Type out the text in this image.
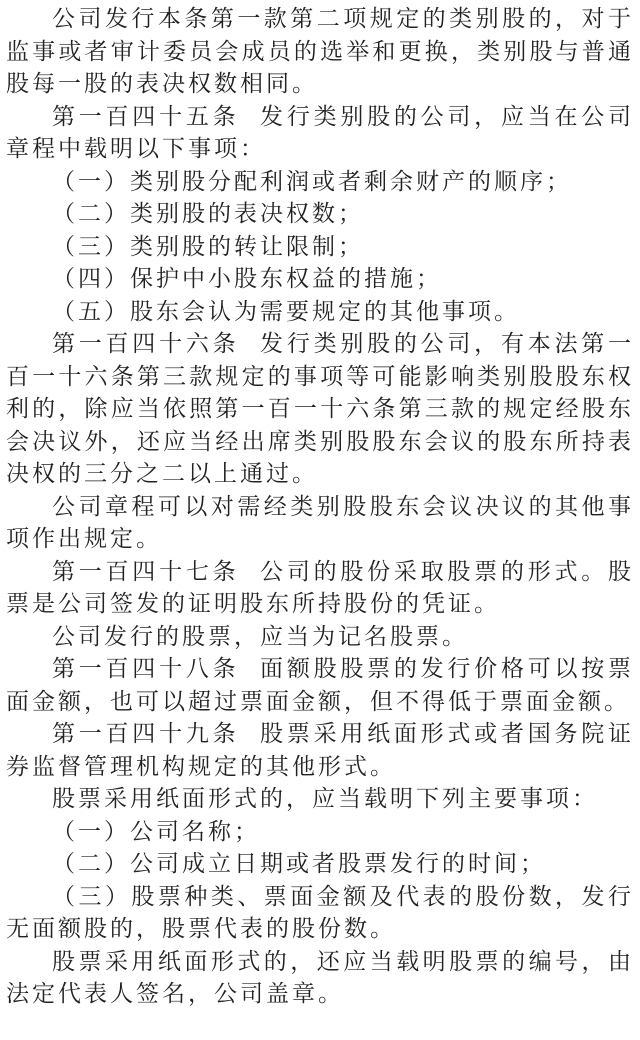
公司发行本条第一款第二项规定的类别股的，对于监事或者审计委员会成员的选举和更换，类别股与普通股每一股的表决权数相同。

第一百四十五条 发行类别股的公司，应当在公司章程中载明以下事项：

（一）类别股分配利润或者剩余财产的顺序；

（二）类别股的表决权数；

（三）类别股的转让限制；

（四）保护中小股东权益的措施；

（五）股东会认为需要规定的其他事项。

第一百四十六条 发行类别股的公司，有本法第一百一十六条第三款规定的事项等可能影响类别股股东权利的，除应当依照第一百一十六条第三款的规定经股东会决议外，还应当经出席类别股股东会议的股东所持表决权的三分之二以上通过。

公司章程可以对需经类别股股东会议决议的其他事项作出规定。

第一百四十七条 公司的股份采取股票的形式。股票是公司签发的证明股东所持股份的凭证。

公司发行的股票，应当为记名股票。

第一百四十八条 面额股股票的发行价格可以按票面金额，也可以超过票面金额，但不得低于票面金额。

第一百四十九条 股票采用纸面形式或者国务院证券监督管理机构规定的其他形式。

股票采用纸面形式的，应当载明下列主要事项：

（一）公司名称；

（二）公司成立日期或者股票发行的时间；

（三）股票种类、票面金额及代表的股份数，发行无面额股的，股票代表的股份数。

股票采用纸面形式的，还应当载明股票的编号，由法定代表人签名，公司盖章。
